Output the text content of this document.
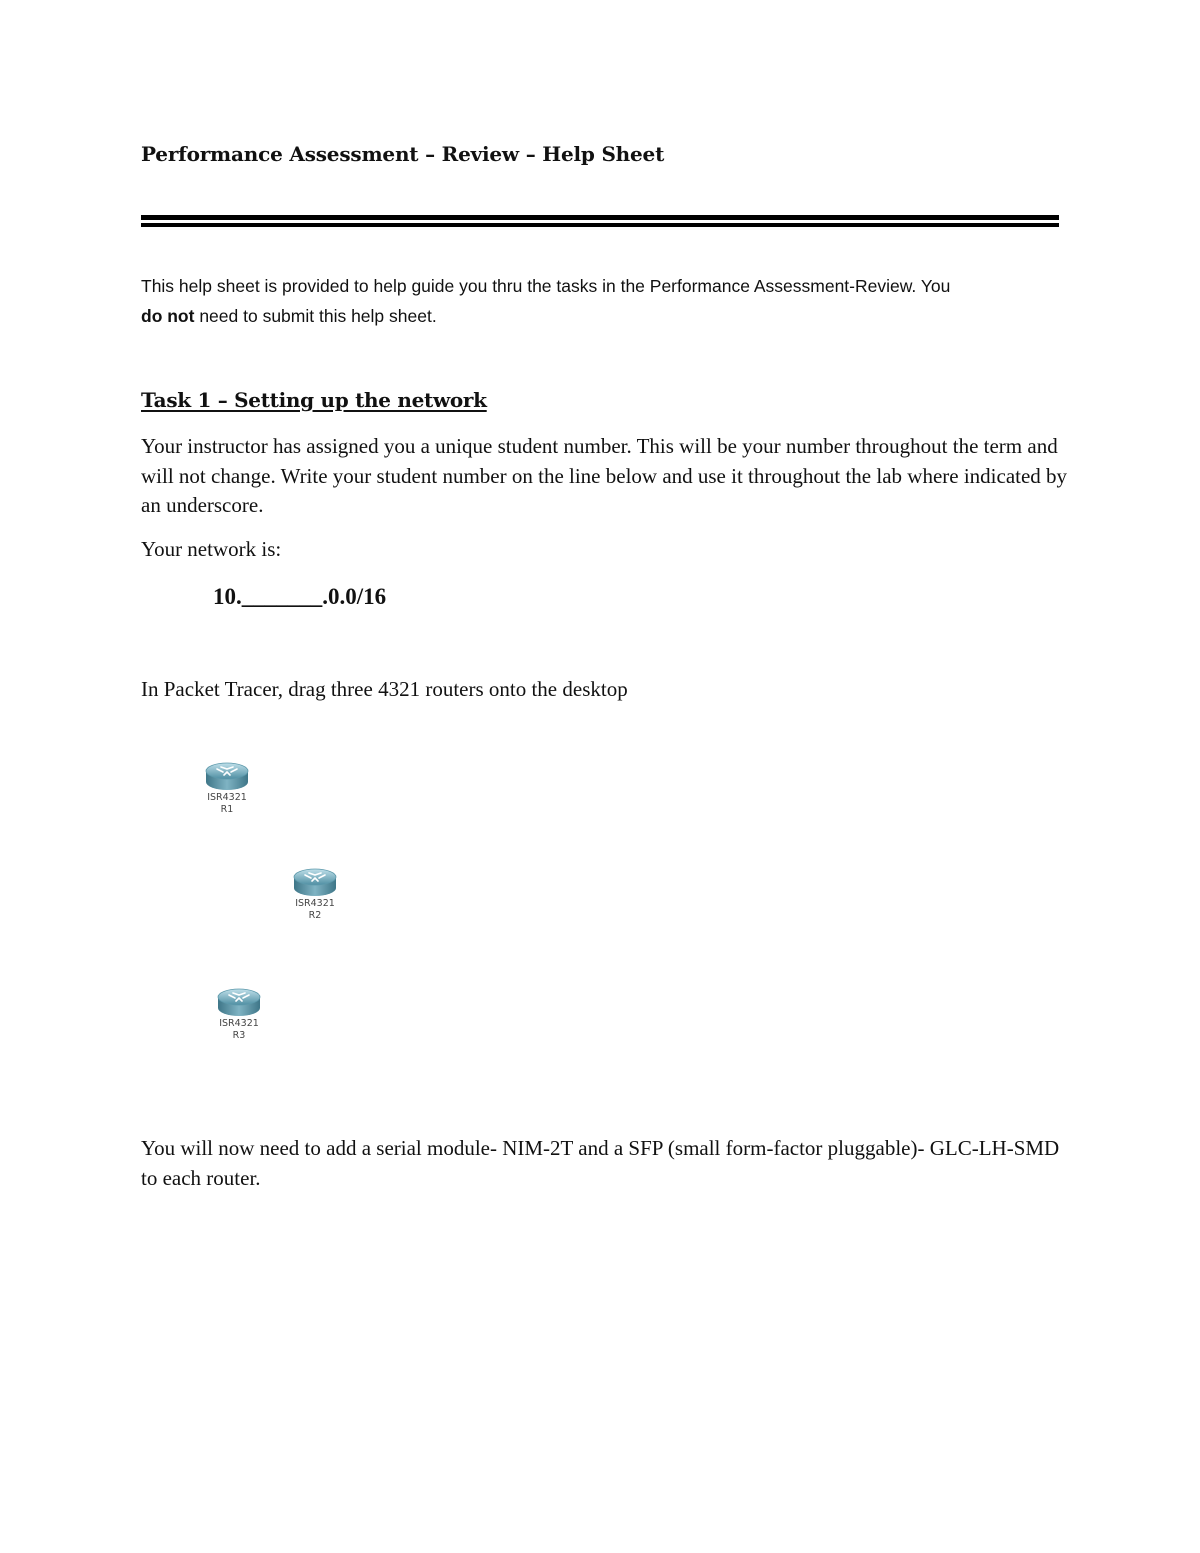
Performance Assessment – Review – Help Sheet
This help sheet is provided to help guide you thru the tasks in the Performance Assessment-Review. You
do not need to submit this help sheet.
Task 1 – Setting up the network
Your instructor has assigned you a unique student number. This will be your number throughout the term and will not change. Write your student number on the line below and use it throughout the lab where indicated by an underscore.
Your network is:
10._______.0.0/16
In Packet Tracer, drag three 4321 routers onto the desktop
ISR4321
R1
ISR4321
R2
ISR4321
R3
You will now need to add a serial module- NIM-2T and a SFP (small form-factor pluggable)- GLC-LH-SMD to each router.
